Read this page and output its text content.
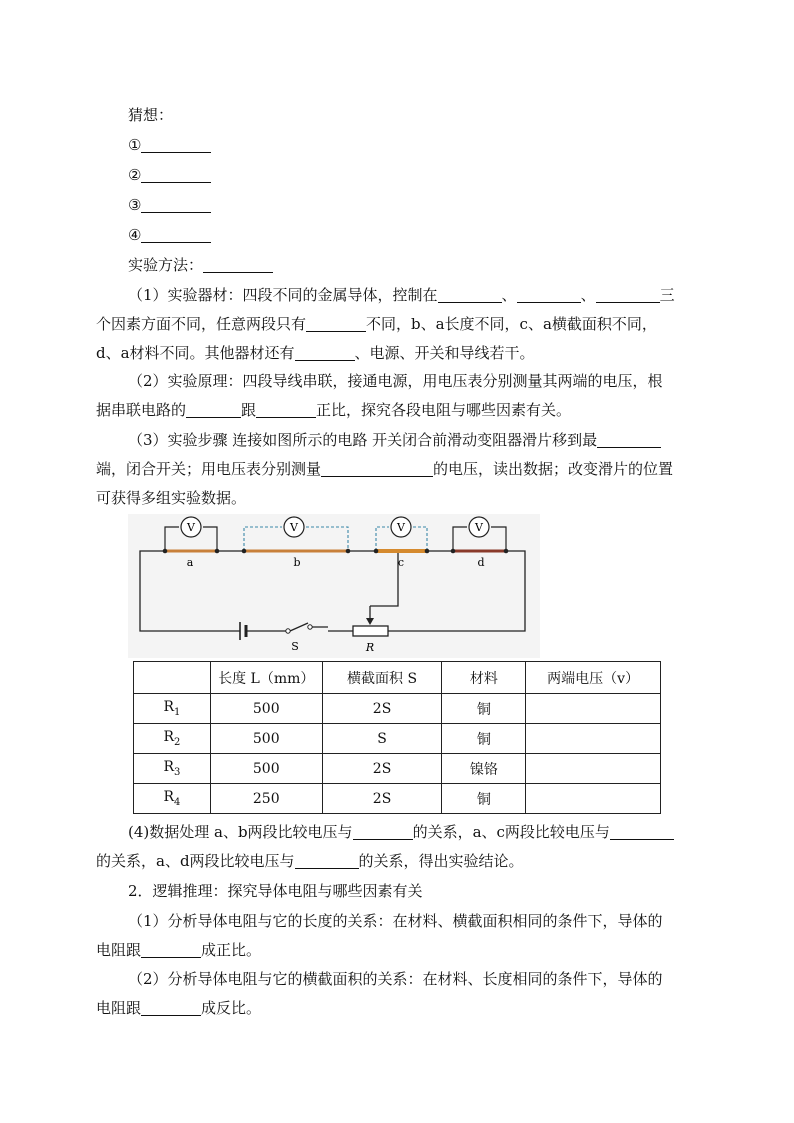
猜想：
①
②
③
④
实验方法：
（1）实验器材：四段不同的金属导体，控制在	、	、	三
个因素方面不同，任意两段只有	不同，b、a长度不同，c、a横截面积不同，
d、a材料不同。其他器材还有	、电源、开关和导线若干。
（2）实验原理：四段导线串联，接通电源，用电压表分别测量其两端的电压，根
据串联电路的	跟	正比，探究各段电阻与哪些因素有关。
（3）实验步骤 连接如图所示的电路 开关闭合前滑动变阻器滑片移到最
端，闭合开关；用电压表分别测量	的电压，读出数据；改变滑片的位置
可获得多组实验数据。
V	V	V	V
a	b	c	d
S	R
	长度 L（mm）	横截面积 S	材料	两端电压（v）
$R_1$	500	2S	铜	
$R_2$	500	S	铜	
$R_3$	500	2S	镍铬	
$R_4$	250	2S	铜	
(4)数据处理 a、b两段比较电压与	的关系，a、c两段比较电压与
的关系，a、d两段比较电压与	的关系，得出实验结论。
2．逻辑推理：探究导体电阻与哪些因素有关
（1）分析导体电阻与它的长度的关系：在材料、横截面积相同的条件下，导体的
电阻跟	成正比。
（2）分析导体电阻与它的横截面积的关系：在材料、长度相同的条件下，导体的
电阻跟	成反比。
